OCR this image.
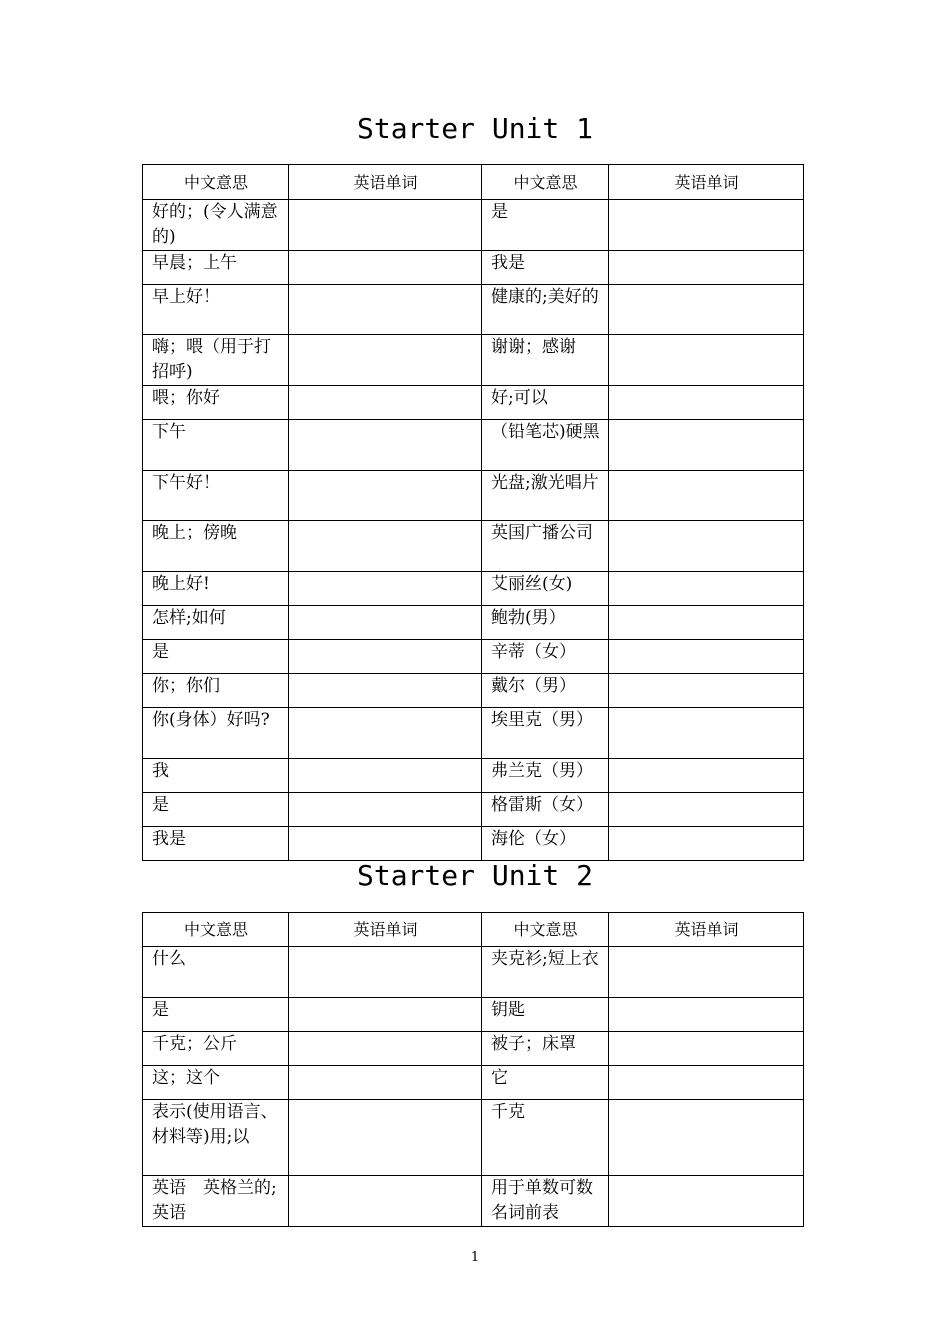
Starter Unit 1
中文意思	英语单词	中文意思	英语单词
好的；(令人满意的)		是	
早晨；上午		我是	
早上好！		健康的;美好的	
嗨；喂（用于打招呼)		谢谢；感谢	
喂；你好		好;可以	
下午		（铅笔芯)硬黑	
下午好！		光盘;激光唱片	
晚上；傍晚		英国广播公司	
晚上好!		艾丽丝(女)	
怎样;如何		鲍勃(男）	
是		辛蒂（女）	
你；你们		戴尔（男）	
你(身体）好吗?		埃里克（男）	
我		弗兰克（男）	
是		格雷斯（女）	
我是		海伦（女）	
Starter Unit 2
中文意思	英语单词	中文意思	英语单词
什么		夹克衫;短上衣	
是		钥匙	
千克；公斤		被子；床罩	
这；这个		它	
表示(使用语言、材料等)用;以		千克	
英语　英格兰的;英语		用于单数可数名词前表	
1
